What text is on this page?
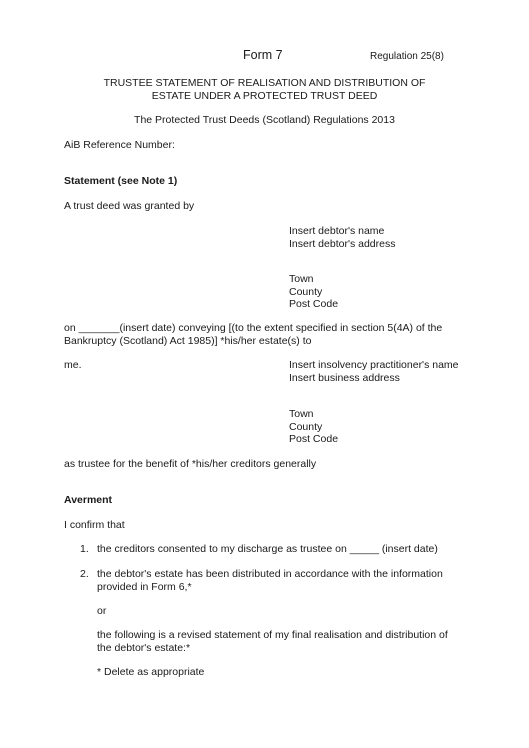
Form 7	Regulation 25(8)
TRUSTEE STATEMENT OF REALISATION AND DISTRIBUTION OF
ESTATE UNDER A PROTECTED TRUST DEED
The Protected Trust Deeds (Scotland) Regulations 2013
AiB Reference Number:
Statement (see Note 1)
A trust deed was granted by
Insert debtor's name
Insert debtor's address
Town
County
Post Code
on _______(insert date) conveying [(to the extent specified in section 5(4A) of the
Bankruptcy (Scotland) Act 1985)] *his/her estate(s) to
me.	Insert insolvency practitioner's name
Insert business address
Town
County
Post Code
as trustee for the benefit of *his/her creditors generally
Averment
I confirm that
1. the creditors consented to my discharge as trustee on _____ (insert date)
2. the debtor's estate has been distributed in accordance with the information
provided in Form 6,*
or
the following is a revised statement of my final realisation and distribution of
the debtor's estate:*
* Delete as appropriate
